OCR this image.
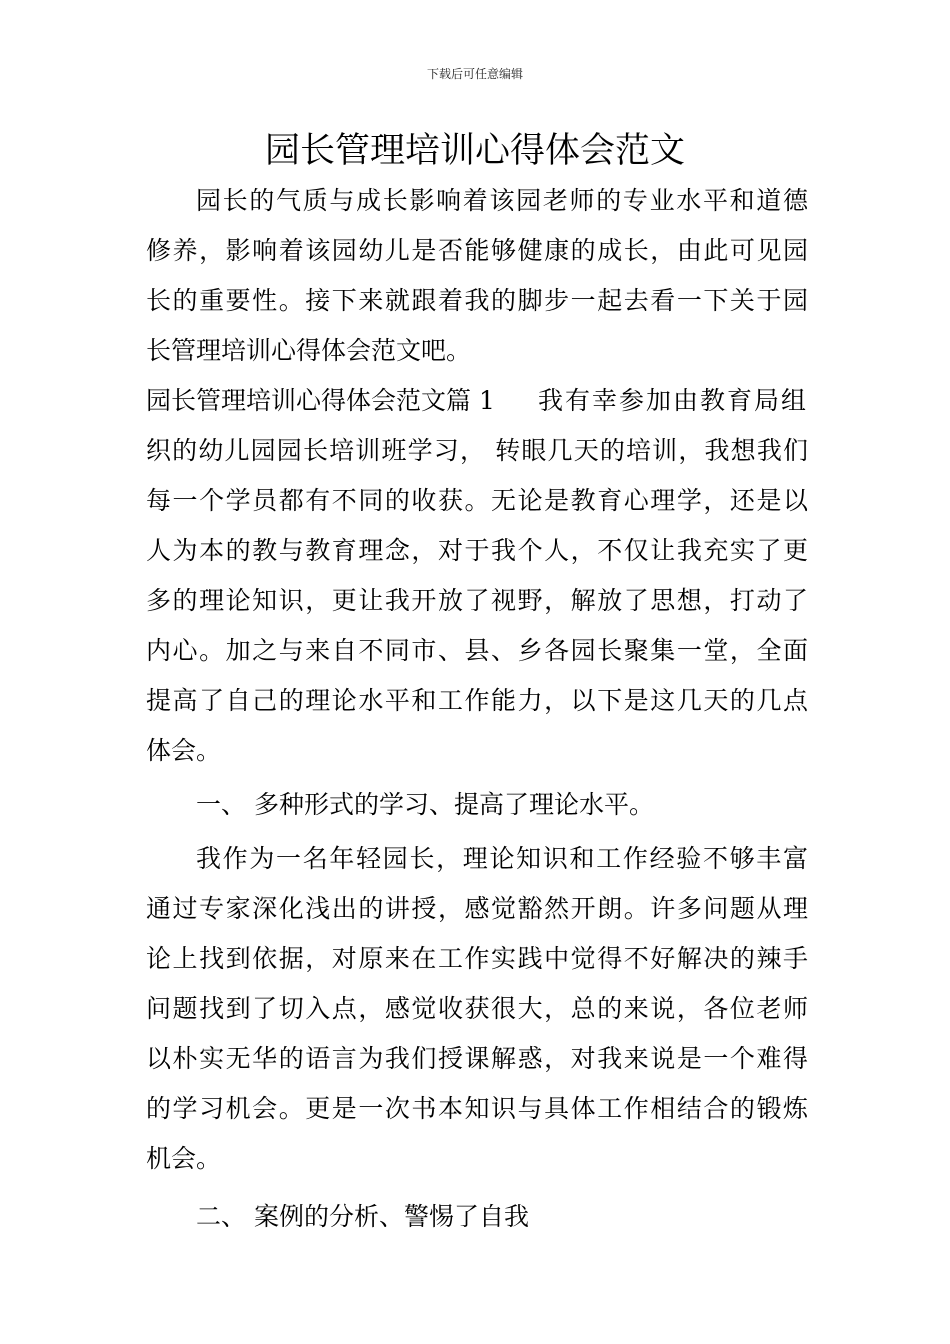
下载后可任意编辑
园长管理培训心得体会范文
园长的气质与成长影响着该园老师的专业水平和道德
修养，影响着该园幼儿是否能够健康的成长，由此可见园
长的重要性。接下来就跟着我的脚步一起去看一下关于园
长管理培训心得体会范文吧。
园长管理培训心得体会范文篇 1 我有幸参加由教育局组
织的幼儿园园长培训班学习， 转眼几天的培训，我想我们
每一个学员都有不同的收获。无论是教育心理学，还是以
人为本的教与教育理念，对于我个人，不仅让我充实了更
多的理论知识，更让我开放了视野，解放了思想，打动了
内心。加之与来自不同市、县、乡各园长聚集一堂，全面
提高了自己的理论水平和工作能力，以下是这几天的几点
体会。
一、 多种形式的学习、提高了理论水平。
我作为一名年轻园长，理论知识和工作经验不够丰富
通过专家深化浅出的讲授，感觉豁然开朗。许多问题从理
论上找到依据，对原来在工作实践中觉得不好解决的辣手
问题找到了切入点，感觉收获很大，总的来说，各位老师
以朴实无华的语言为我们授课解惑，对我来说是一个难得
的学习机会。更是一次书本知识与具体工作相结合的锻炼
机会。
二、 案例的分析、警惕了自我
